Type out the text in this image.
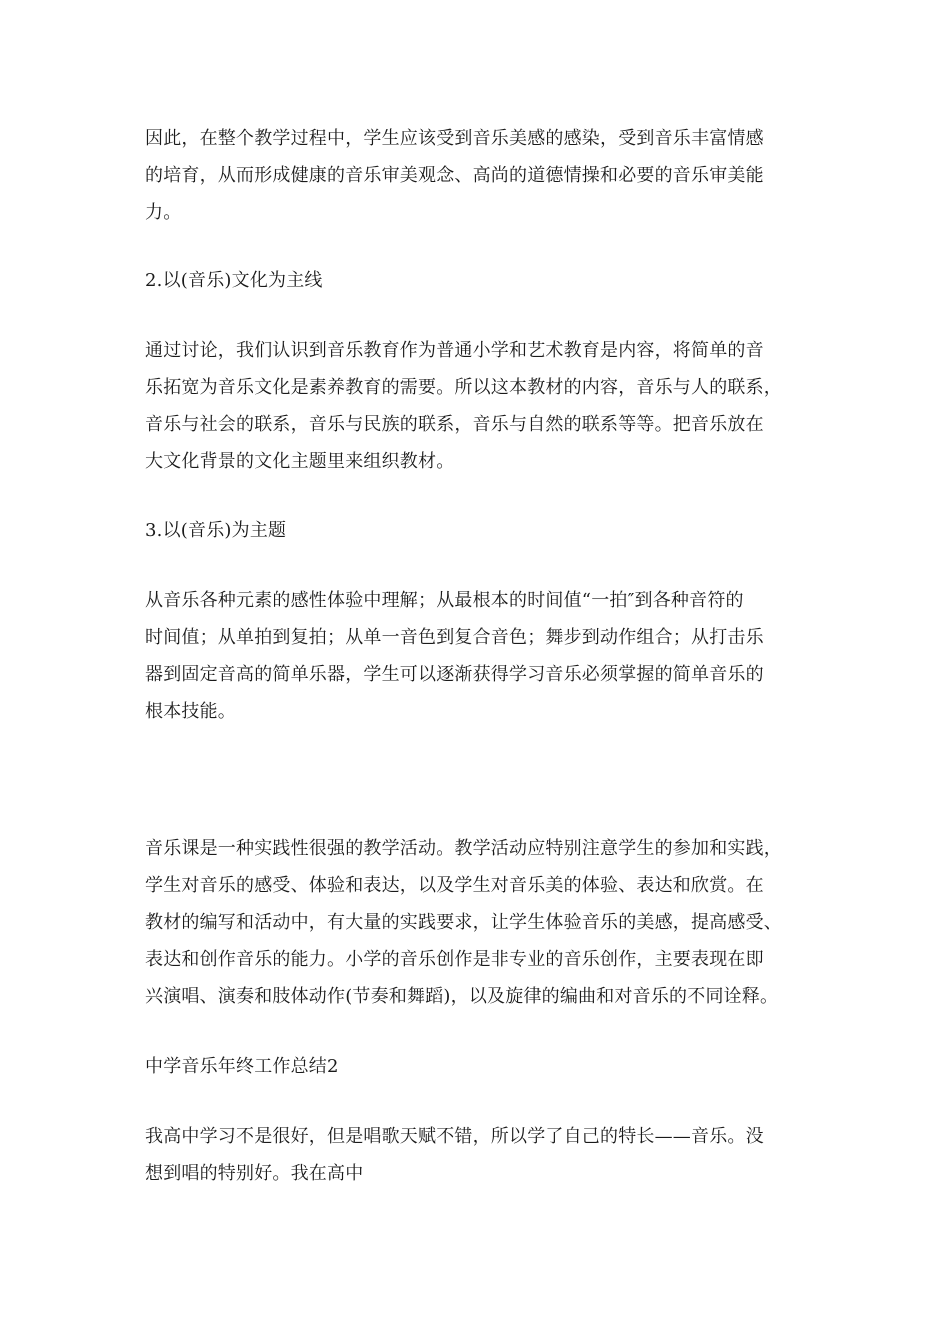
因此，在整个教学过程中，学生应该受到音乐美感的感染，受到音乐丰富情感
的培育，从而形成健康的音乐审美观念、高尚的道德情操和必要的音乐审美能
力。

2.以(音乐)文化为主线

通过讨论，我们认识到音乐教育作为普通小学和艺术教育是内容，将简单的音
乐拓宽为音乐文化是素养教育的需要。所以这本教材的内容，音乐与人的联系，
音乐与社会的联系，音乐与民族的联系，音乐与自然的联系等等。把音乐放在
大文化背景的文化主题里来组织教材。

3.以(音乐)为主题

从音乐各种元素的感性体验中理解；从最根本的时间值“一拍″到各种音符的
时间值；从单拍到复拍；从单一音色到复合音色；舞步到动作组合；从打击乐
器到固定音高的简单乐器，学生可以逐渐获得学习音乐必须掌握的简单音乐的
根本技能。

音乐课是一种实践性很强的教学活动。教学活动应特别注意学生的参加和实践，
学生对音乐的感受、体验和表达，以及学生对音乐美的体验、表达和欣赏。在
教材的编写和活动中，有大量的实践要求，让学生体验音乐的美感，提高感受、
表达和创作音乐的能力。小学的音乐创作是非专业的音乐创作，主要表现在即
兴演唱、演奏和肢体动作(节奏和舞蹈)，以及旋律的编曲和对音乐的不同诠释。

中学音乐年终工作总结2

我高中学习不是很好，但是唱歌天赋不错，所以学了自己的特长——音乐。没
想到唱的特别好。我在高中
